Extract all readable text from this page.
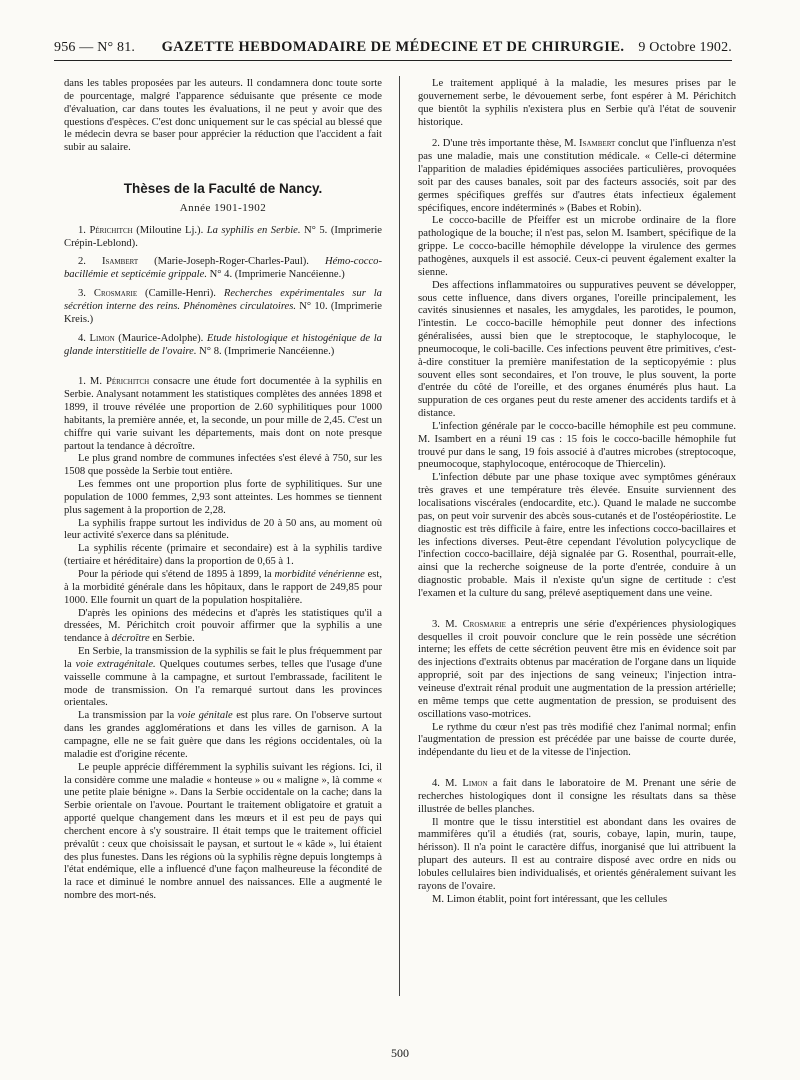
956 — N° 81.	GAZETTE HEBDOMADAIRE DE MÉDECINE ET DE CHIRURGIE. 9 Octobre 1902.

dans les tables proposées par les auteurs. Il condamnera donc toute sorte de pourcentage, malgré l'apparence séduisante que présente ce mode d'évaluation, car dans toutes les évaluations, il ne peut y avoir que des questions d'espèces. C'est donc uniquement sur le cas spécial au blessé que le médecin devra se baser pour apprécier la réduction que l'accident a fait subir au salaire.

Thèses de la Faculté de Nancy.
Année 1901-1902

1. Périchitch (Miloutine Lj.). La syphilis en Serbie. N° 5. (Imprimerie Crépin-Leblond).

2. Isambert (Marie-Joseph-Roger-Charles-Paul). Hémo-cocco-bacillémie et septicémie grippale. N° 4. (Imprimerie Nancéienne.)

3. Crosmarie (Camille-Henri). Recherches expérimentales sur la sécrétion interne des reins. Phénomènes circulatoires. N° 10. (Imprimerie Kreis.)

4. Limon (Maurice-Adolphe). Etude histologique et histogénique de la glande interstitielle de l'ovaire. N° 8. (Imprimerie Nancéienne.)

1. M. Périchitch consacre une étude fort documentée à la syphilis en Serbie. Analysant notamment les statistiques complètes des années 1898 et 1899, il trouve révélée une proportion de 2.60 syphilitiques pour 1000 habitants, la première année, et, la seconde, un pour mille de 2,45. C'est un chiffre qui varie suivant les départements, mais dont on note presque partout la tendance à décroître.

Le plus grand nombre de communes infectées s'est élevé à 750, sur les 1508 que possède la Serbie tout entière.

Les femmes ont une proportion plus forte de syphilitiques. Sur une population de 1000 femmes, 2,93 sont atteintes. Les hommes se tiennent plus sagement à la proportion de 2,28.

La syphilis frappe surtout les individus de 20 à 50 ans, au moment où leur activité s'exerce dans sa plénitude.

La syphilis récente (primaire et secondaire) est à la syphilis tardive (tertiaire et héréditaire) dans la proportion de 0,65 à 1.

Pour la période qui s'étend de 1895 à 1899, la morbidité vénérienne est, à la morbidité générale dans les hôpitaux, dans le rapport de 249,85 pour 1000. Elle fournit un quart de la population hospitalière.

D'après les opinions des médecins et d'après les statistiques qu'il a dressées, M. Périchitch croit pouvoir affirmer que la syphilis a une tendance à décroître en Serbie.

En Serbie, la transmission de la syphilis se fait le plus fréquemment par la voie extragénitale. Quelques coutumes serbes, telles que l'usage d'une vaisselle commune à la campagne, et surtout l'embrassade, facilitent le mode de transmission. On l'a remarqué surtout dans les provinces orientales.

La transmission par la voie génitale est plus rare. On l'observe surtout dans les grandes agglomérations et dans les villes de garnison. A la campagne, elle ne se fait guère que dans les régions occidentales, où la maladie est d'origine récente.

Le peuple apprécie différemment la syphilis suivant les régions. Ici, il la considère comme une maladie « honteuse » ou « maligne », là comme « une petite plaie bénigne ». Dans la Serbie occidentale on la cache; dans la Serbie orientale on l'avoue. Pourtant le traitement obligatoire et gratuit a apporté quelque changement dans les mœurs et il est peu de pays qui cherchent encore à s'y soustraire. Il était temps que le traitement officiel prévalût : ceux que choisissait le paysan, et surtout le « kâde », lui étaient des plus funestes. Dans les régions où la syphilis règne depuis longtemps à l'état endémique, elle a influencé d'une façon malheureuse la fécondité de la race et diminué le nombre annuel des naissances. Elle a augmenté le nombre des mort-nés.

Le traitement appliqué à la maladie, les mesures prises par le gouvernement serbe, le dévouement serbe, font espérer à M. Périchitch que bientôt la syphilis n'existera plus en Serbie qu'à l'état de souvenir historique.

2. D'une très importante thèse, M. Isambert conclut que l'influenza n'est pas une maladie, mais une constitution médicale. « Celle-ci détermine l'apparition de maladies épidémiques associées particulières, provoquées soit par des causes banales, soit par des facteurs associés, soit par des germes spécifiques greffés sur d'autres états infectieux également spécifiques, encore indéterminés » (Babes et Robin).

Le cocco-bacille de Pfeiffer est un microbe ordinaire de la flore pathologique de la bouche; il n'est pas, selon M. Isambert, spécifique de la grippe. Le cocco-bacille hémophile développe la virulence des germes pathogènes, auxquels il est associé. Ceux-ci peuvent également exalter la sienne.

Des affections inflammatoires ou suppuratives peuvent se développer, sous cette influence, dans divers organes, l'oreille principalement, les cavités sinusiennes et nasales, les amygdales, les parotides, le poumon, l'intestin. Le cocco-bacille hémophile peut donner des infections généralisées, aussi bien que le streptocoque, le staphylocoque, le pneumocoque, le coli-bacille. Ces infections peuvent être primitives, c'est-à-dire constituer la première manifestation de la septicopyémie : plus souvent elles sont secondaires, et l'on trouve, le plus souvent, la porte d'entrée du côté de l'oreille, et des organes énumérés plus haut. La suppuration de ces organes peut du reste amener des accidents tardifs et à distance.

L'infection générale par le cocco-bacille hémophile est peu commune. M. Isambert en a réuni 19 cas : 15 fois le cocco-bacille hémophile fut trouvé pur dans le sang, 19 fois associé à d'autres microbes (streptocoque, pneumocoque, staphylocoque, entérocoque de Thiercelin).

L'infection débute par une phase toxique avec symptômes généraux très graves et une température très élevée. Ensuite surviennent des localisations viscérales (endocardite, etc.). Quand le malade ne succombe pas, on peut voir survenir des abcès sous-cutanés et de l'ostéopériostite. Le diagnostic est très difficile à faire, entre les infections cocco-bacillaires et les infections diverses. Peut-être cependant l'évolution polycyclique de l'infection cocco-bacillaire, déjà signalée par G. Rosenthal, pourrait-elle, ainsi que la recherche soigneuse de la porte d'entrée, conduire à un diagnostic probable. Mais il n'existe qu'un signe de certitude : c'est l'examen et la culture du sang, prélevé aseptiquement dans une veine.

3. M. Crosmarie a entrepris une série d'expériences physiologiques desquelles il croit pouvoir conclure que le rein possède une sécrétion interne; les effets de cette sécrétion peuvent être mis en évidence soit par des injections d'extraits obtenus par macération de l'organe dans un liquide approprié, soit par des injections de sang veineux; l'injection intra-veineuse d'extrait rénal produit une augmentation de la pression artérielle; en même temps que cette augmentation de pression, se produisent des oscillations vaso-motrices.

Le rythme du cœur n'est pas très modifié chez l'animal normal; enfin l'augmentation de pression est précédée par une baisse de courte durée, indépendante du lieu et de la vitesse de l'injection.

4. M. Limon a fait dans le laboratoire de M. Prenant une série de recherches histologiques dont il consigne les résultats dans sa thèse illustrée de belles planches.

Il montre que le tissu interstitiel est abondant dans les ovaires de mammifères qu'il a étudiés (rat, souris, cobaye, lapin, murin, taupe, hérisson). Il n'a point le caractère diffus, inorganisé que lui attribuent la plupart des auteurs. Il est au contraire disposé avec ordre en nids ou lobules cellulaires bien individualisés, et orientés généralement suivant les rayons de l'ovaire.

M. Limon établit, point fort intéressant, que les cellules

500
